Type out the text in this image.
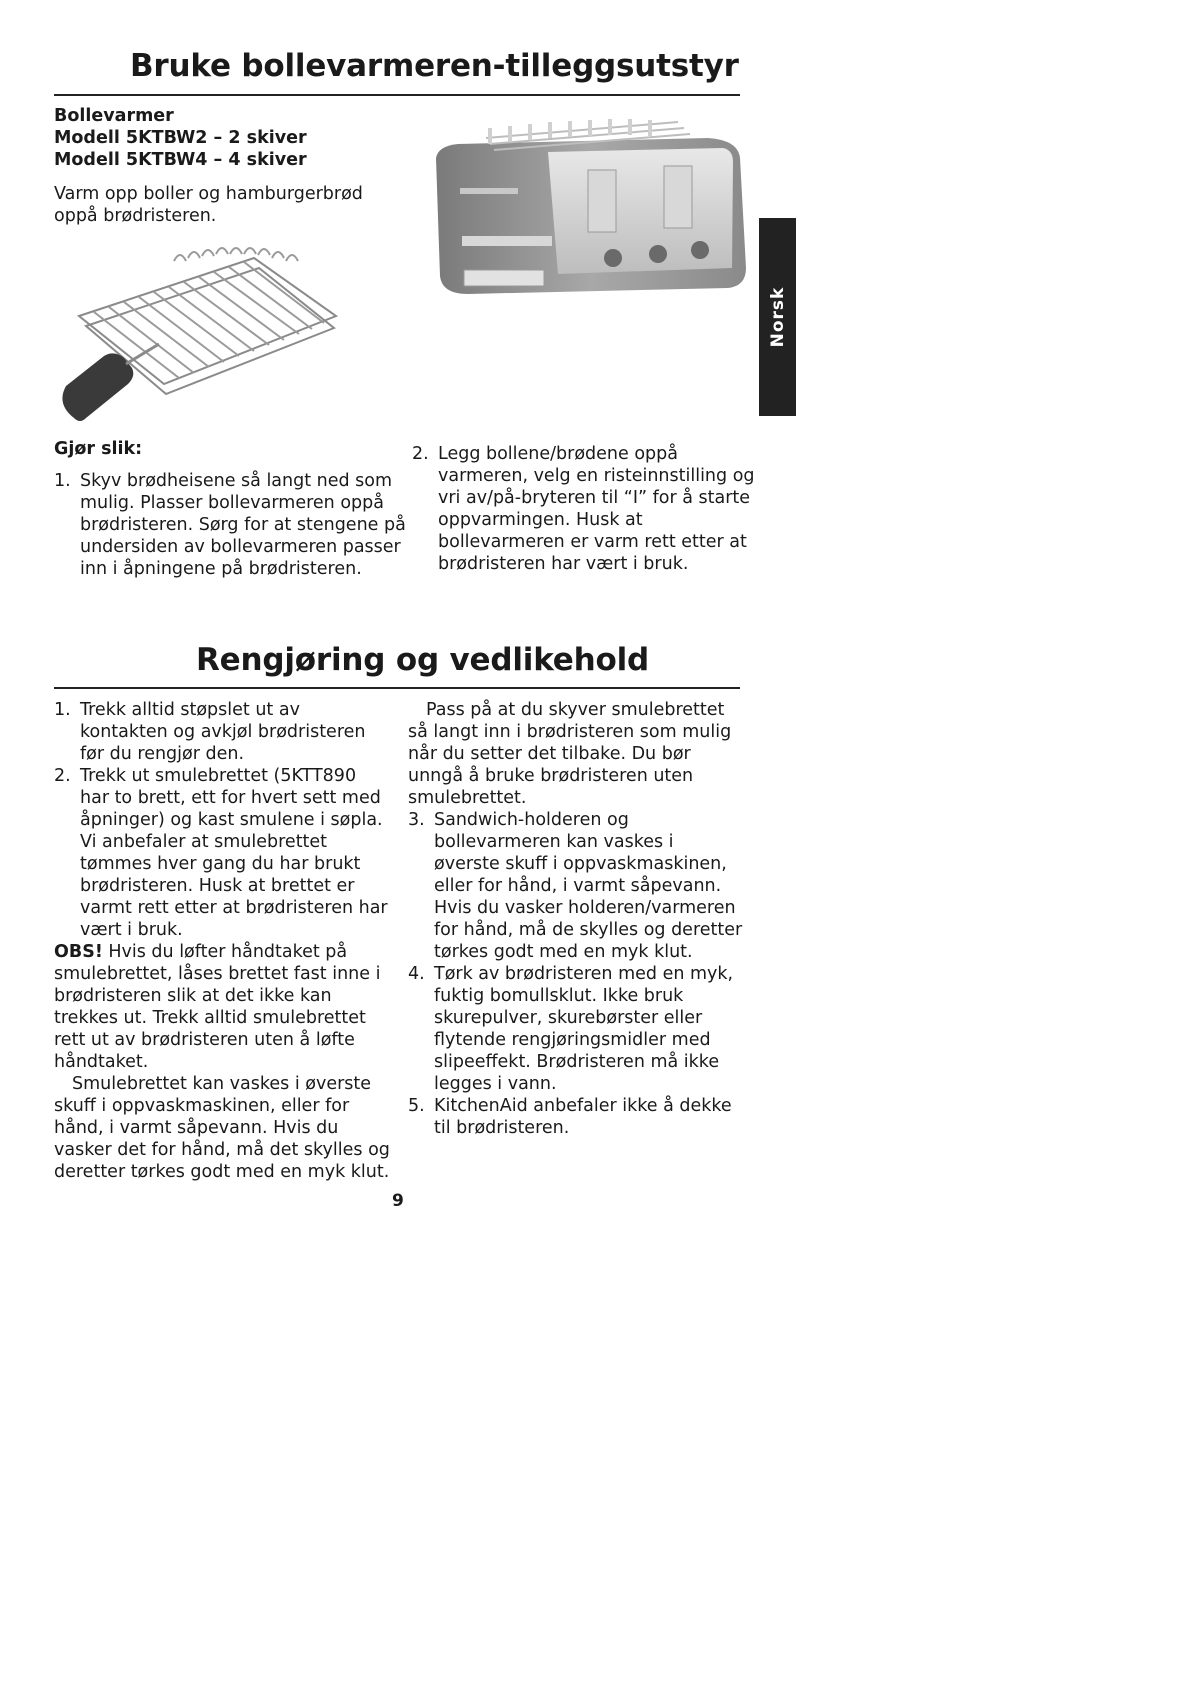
Bruke bollevarmeren-tilleggsutstyr
Bollevarmer
Modell 5KTBW2 – 2 skiver
Modell 5KTBW4 – 4 skiver
Varm opp boller og hamburgerbrød oppå brødristeren.
Gjør slik:
1. Skyv brødheisene så langt ned som mulig. Plasser bollevarmeren oppå brødristeren. Sørg for at stengene på undersiden av bollevarmeren passer inn i åpningene på brødristeren.
2. Legg bollene/brødene oppå varmeren, velg en risteinnstilling og vri av/på-bryteren til “I” for å starte oppvarmingen. Husk at bollevarmeren er varm rett etter at brødristeren har vært i bruk.
Norsk
Rengjøring og vedlikehold
1. Trekk alltid støpslet ut av kontakten og avkjøl brødristeren før du rengjør den.
2. Trekk ut smulebrettet (5KTT890 har to brett, ett for hvert sett med åpninger) og kast smulene i søpla. Vi anbefaler at smulebrettet tømmes hver gang du har brukt brødristeren. Husk at brettet er varmt rett etter at brødristeren har vært i bruk.
OBS! Hvis du løfter håndtaket på smulebrettet, låses brettet fast inne i brødristeren slik at det ikke kan trekkes ut. Trekk alltid smulebrettet rett ut av brødristeren uten å løfte håndtaket.
Smulebrettet kan vaskes i øverste skuff i oppvaskmaskinen, eller for hånd, i varmt såpevann. Hvis du vasker det for hånd, må det skylles og deretter tørkes godt med en myk klut.
Pass på at du skyver smulebrettet så langt inn i brødristeren som mulig når du setter det tilbake. Du bør unngå å bruke brødristeren uten smulebrettet.
3. Sandwich-holderen og bollevarmeren kan vaskes i øverste skuff i oppvaskmaskinen, eller for hånd, i varmt såpevann. Hvis du vasker holderen/varmeren for hånd, må de skylles og deretter tørkes godt med en myk klut.
4. Tørk av brødristeren med en myk, fuktig bomullsklut. Ikke bruk skurepulver, skurebørster eller flytende rengjøringsmidler med slipeeffekt. Brødristeren må ikke legges i vann.
5. KitchenAid anbefaler ikke å dekke til brødristeren.
9
